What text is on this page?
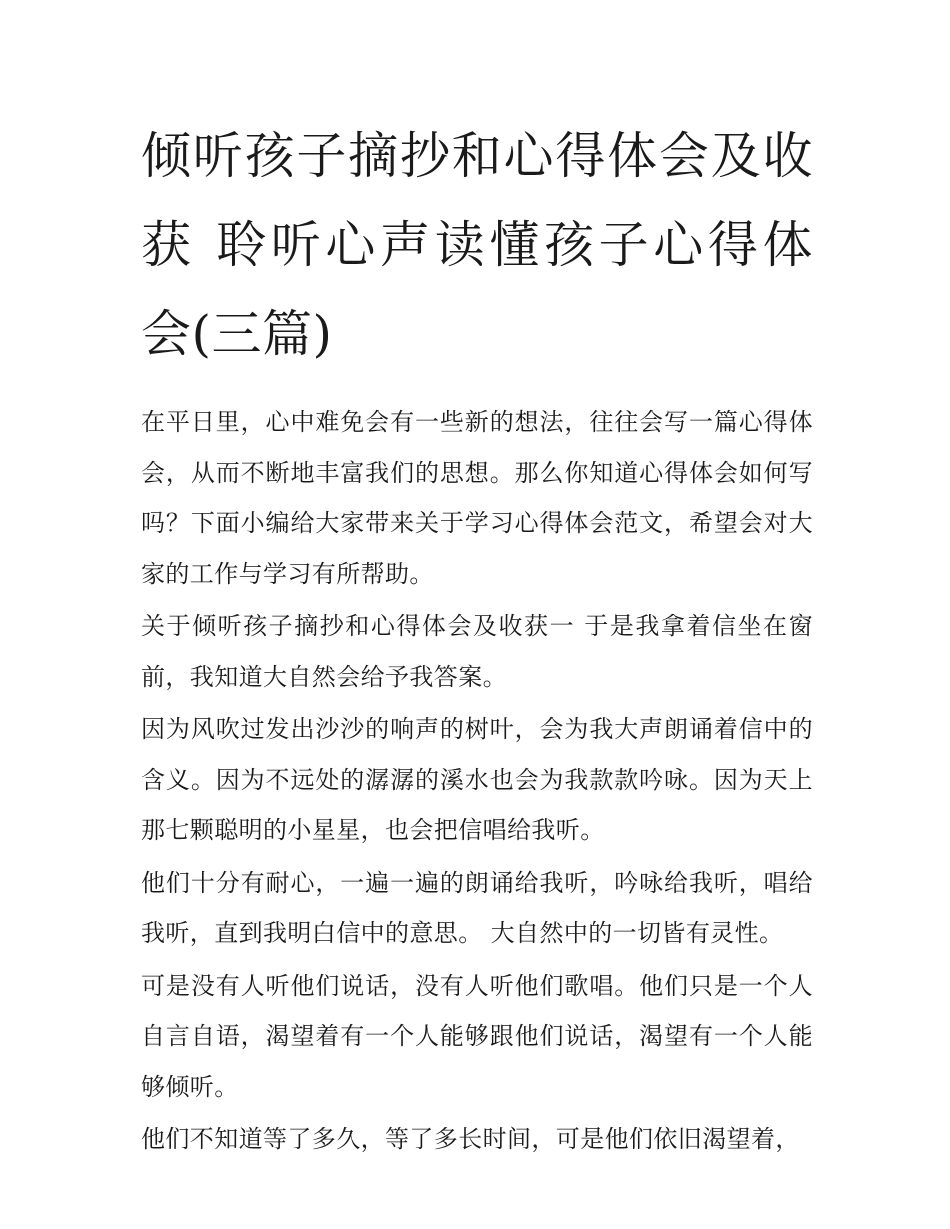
倾听孩子摘抄和心得体会及收获 聆听心声读懂孩子心得体会(三篇)

在平日里，心中难免会有一些新的想法，往往会写一篇心得体会，从而不断地丰富我们的思想。那么你知道心得体会如何写吗？下面小编给大家带来关于学习心得体会范文，希望会对大家的工作与学习有所帮助。

关于倾听孩子摘抄和心得体会及收获一 于是我拿着信坐在窗前，我知道大自然会给予我答案。

因为风吹过发出沙沙的响声的树叶，会为我大声朗诵着信中的含义。因为不远处的潺潺的溪水也会为我款款吟咏。因为天上那七颗聪明的小星星，也会把信唱给我听。

他们十分有耐心，一遍一遍的朗诵给我听，吟咏给我听，唱给我听，直到我明白信中的意思。 大自然中的一切皆有灵性。

可是没有人听他们说话，没有人听他们歌唱。他们只是一个人自言自语，渴望着有一个人能够跟他们说话，渴望有一个人能够倾听。

他们不知道等了多久，等了多长时间，可是他们依旧渴望着，
